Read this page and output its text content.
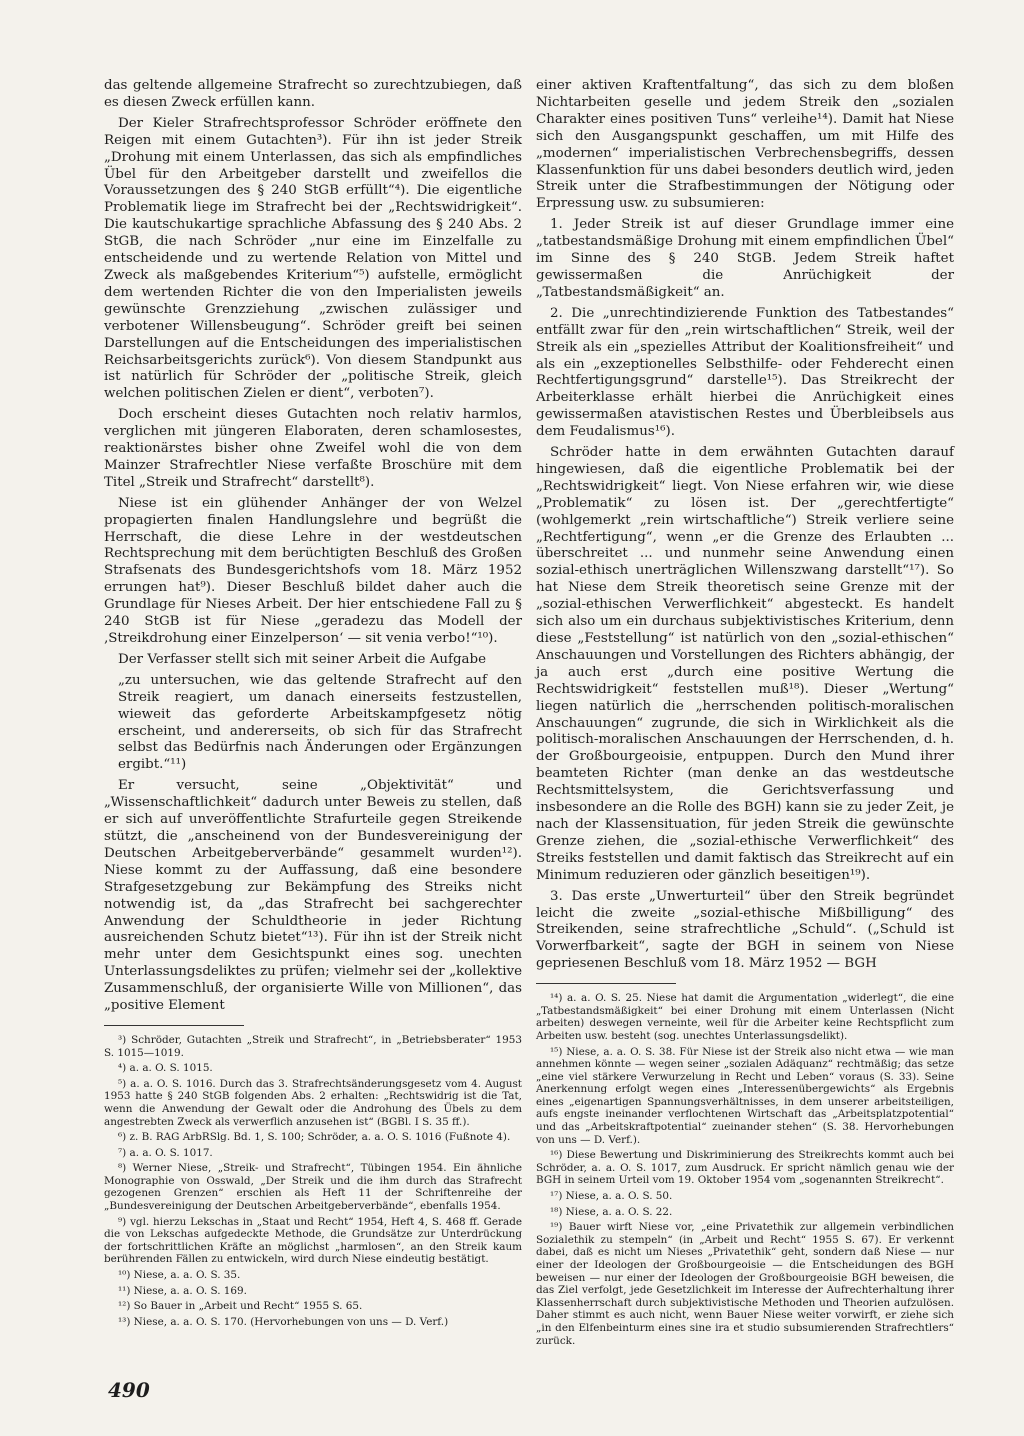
das geltende allgemeine Strafrecht so zurechtzubiegen, daß es diesen Zweck erfüllen kann.

Der Kieler Strafrechtsprofessor Schröder eröffnete den Reigen mit einem Gutachten³). Für ihn ist jeder Streik „Drohung mit einem Unterlassen, das sich als empfindliches Übel für den Arbeitgeber darstellt und zweifellos die Voraussetzungen des § 240 StGB erfüllt“⁴). Die eigentliche Problematik liege im Strafrecht bei der „Rechtswidrigkeit“. Die kautschukartige sprachliche Abfassung des § 240 Abs. 2 StGB, die nach Schröder „nur eine im Einzelfalle zu entscheidende und zu wertende Relation von Mittel und Zweck als maßgebendes Kriterium“⁵) aufstelle, ermöglicht dem wertenden Richter die von den Imperialisten jeweils gewünschte Grenzziehung „zwischen zulässiger und verbotener Willensbeugung“. Schröder greift bei seinen Darstellungen auf die Entscheidungen des imperialistischen Reichsarbeitsgerichts zurück⁶). Von diesem Standpunkt aus ist natürlich für Schröder der „politische Streik, gleich welchen politischen Zielen er dient“, verboten⁷).

Doch erscheint dieses Gutachten noch relativ harmlos, verglichen mit jüngeren Elaboraten, deren schamlosestes, reaktionärstes bisher ohne Zweifel wohl die von dem Mainzer Strafrechtler Niese verfaßte Broschüre mit dem Titel „Streik und Strafrecht“ darstellt⁸).

Niese ist ein glühender Anhänger der von Welzel propagierten finalen Handlungslehre und begrüßt die Herrschaft, die diese Lehre in der westdeutschen Rechtsprechung mit dem berüchtigten Beschluß des Großen Strafsenats des Bundesgerichtshofs vom 18. März 1952 errungen hat⁹). Dieser Beschluß bildet daher auch die Grundlage für Nieses Arbeit. Der hier entschiedene Fall zu § 240 StGB ist für Niese „geradezu das Modell der ‚Streikdrohung einer Einzelperson‘ — sit venia verbo!“¹⁰).

Der Verfasser stellt sich mit seiner Arbeit die Aufgabe

„zu untersuchen, wie das geltende Strafrecht auf den Streik reagiert, um danach einerseits festzustellen, wieweit das geforderte Arbeitskampfgesetz nötig erscheint, und andererseits, ob sich für das Strafrecht selbst das Bedürfnis nach Änderungen oder Ergänzungen ergibt.“¹¹)

Er versucht, seine „Objektivität“ und „Wissenschaftlichkeit“ dadurch unter Beweis zu stellen, daß er sich auf unveröffentlichte Strafurteile gegen Streikende stützt, die „anscheinend von der Bundesvereinigung der Deutschen Arbeitgeberverbände“ gesammelt wurden¹²). Niese kommt zu der Auffassung, daß eine besondere Strafgesetzgebung zur Bekämpfung des Streiks nicht notwendig ist, da „das Strafrecht bei sachgerechter Anwendung der Schuldtheorie in jeder Richtung ausreichenden Schutz bietet“¹³). Für ihn ist der Streik nicht mehr unter dem Gesichtspunkt eines sog. unechten Unterlassungsdeliktes zu prüfen; vielmehr sei der „kollektive Zusammenschluß, der organisierte Wille von Millionen“, das „positive Element

³) Schröder, Gutachten „Streik und Strafrecht“, in „Betriebsberater“ 1953 S. 1015—1019.

⁴) a. a. O. S. 1015.

⁵) a. a. O. S. 1016. Durch das 3. Strafrechtsänderungsgesetz vom 4. August 1953 hatte § 240 StGB folgenden Abs. 2 erhalten: „Rechtswidrig ist die Tat, wenn die Anwendung der Gewalt oder die Androhung des Übels zu dem angestrebten Zweck als verwerflich anzusehen ist“ (BGBl. I S. 35 ff.).

⁶) z. B. RAG ArbRSlg. Bd. 1, S. 100; Schröder, a. a. O. S. 1016 (Fußnote 4).

⁷) a. a. O. S. 1017.

⁸) Werner Niese, „Streik- und Strafrecht“, Tübingen 1954. Ein ähnliche Monographie von Osswald, „Der Streik und die ihm durch das Strafrecht gezogenen Grenzen“ erschien als Heft 11 der Schriftenreihe der „Bundesvereinigung der Deutschen Arbeitgeberverbände“, ebenfalls 1954.

⁹) vgl. hierzu Lekschas in „Staat und Recht“ 1954, Heft 4, S. 468 ff. Gerade die von Lekschas aufgedeckte Methode, die Grundsätze zur Unterdrückung der fortschrittlichen Kräfte an möglichst „harmlosen“, an den Streik kaum berührenden Fällen zu entwickeln, wird durch Niese eindeutig bestätigt.

¹⁰) Niese, a. a. O. S. 35.

¹¹) Niese, a. a. O. S. 169.

¹²) So Bauer in „Arbeit und Recht“ 1955 S. 65.

¹³) Niese, a. a. O. S. 170. (Hervorhebungen von uns — D. Verf.)

einer aktiven Kraftentfaltung“, das sich zu dem bloßen Nichtarbeiten geselle und jedem Streik den „sozialen Charakter eines positiven Tuns“ verleihe¹⁴). Damit hat Niese sich den Ausgangspunkt geschaffen, um mit Hilfe des „modernen“ imperialistischen Verbrechensbegriffs, dessen Klassenfunktion für uns dabei besonders deutlich wird, jeden Streik unter die Strafbestimmungen der Nötigung oder Erpressung usw. zu subsumieren:

1. Jeder Streik ist auf dieser Grundlage immer eine „tatbestandsmäßige Drohung mit einem empfindlichen Übel“ im Sinne des § 240 StGB. Jedem Streik haftet gewissermaßen die Anrüchigkeit der „Tatbestandsmäßigkeit“ an.

2. Die „unrechtindizierende Funktion des Tatbestandes“ entfällt zwar für den „rein wirtschaftlichen“ Streik, weil der Streik als ein „spezielles Attribut der Koalitionsfreiheit“ und als ein „exzeptionelles Selbsthilfe- oder Fehderecht einen Rechtfertigungsgrund“ darstelle¹⁵). Das Streikrecht der Arbeiterklasse erhält hierbei die Anrüchigkeit eines gewissermaßen atavistischen Restes und Überbleibsels aus dem Feudalismus¹⁶).

Schröder hatte in dem erwähnten Gutachten darauf hingewiesen, daß die eigentliche Problematik bei der „Rechtswidrigkeit“ liegt. Von Niese erfahren wir, wie diese „Problematik“ zu lösen ist. Der „gerechtfertigte“ (wohlgemerkt „rein wirtschaftliche“) Streik verliere seine „Rechtfertigung“, wenn „er die Grenze des Erlaubten ... überschreitet ... und nunmehr seine Anwendung einen sozial-ethisch unerträglichen Willenszwang darstellt“¹⁷). So hat Niese dem Streik theoretisch seine Grenze mit der „sozial-ethischen Verwerflichkeit“ abgesteckt. Es handelt sich also um ein durchaus subjektivistisches Kriterium, denn diese „Feststellung“ ist natürlich von den „sozial-ethischen“ Anschauungen und Vorstellungen des Richters abhängig, der ja auch erst „durch eine positive Wertung die Rechtswidrigkeit“ feststellen muß¹⁸). Dieser „Wertung“ liegen natürlich die „herrschenden politisch-moralischen Anschauungen“ zugrunde, die sich in Wirklichkeit als die politisch-moralischen Anschauungen der Herrschenden, d. h. der Großbourgeoisie, entpuppen. Durch den Mund ihrer beamteten Richter (man denke an das westdeutsche Rechtsmittelsystem, die Gerichtsverfassung und insbesondere an die Rolle des BGH) kann sie zu jeder Zeit, je nach der Klassensituation, für jeden Streik die gewünschte Grenze ziehen, die „sozial-ethische Verwerflichkeit“ des Streiks feststellen und damit faktisch das Streikrecht auf ein Minimum reduzieren oder gänzlich beseitigen¹⁹).

3. Das erste „Unwerturteil“ über den Streik begründet leicht die zweite „sozial-ethische Mißbilligung“ des Streikenden, seine strafrechtliche „Schuld“. („Schuld ist Vorwerfbarkeit“, sagte der BGH in seinem von Niese gepriesenen Beschluß vom 18. März 1952 — BGH

¹⁴) a. a. O. S. 25. Niese hat damit die Argumentation „widerlegt“, die eine „Tatbestandsmäßigkeit“ bei einer Drohung mit einem Unterlassen (Nicht arbeiten) deswegen verneinte, weil für die Arbeiter keine Rechtspflicht zum Arbeiten usw. besteht (sog. unechtes Unterlassungsdelikt).

¹⁵) Niese, a. a. O. S. 38. Für Niese ist der Streik also nicht etwa — wie man annehmen könnte — wegen seiner „sozialen Adäquanz“ rechtmäßig; das setze „eine viel stärkere Verwurzelung in Recht und Leben“ voraus (S. 33). Seine Anerkennung erfolgt wegen eines „Interessenübergewichts“ als Ergebnis eines „eigenartigen Spannungsverhältnisses, in dem unserer arbeitsteiligen, aufs engste ineinander verflochtenen Wirtschaft das „Arbeitsplatzpotential“ und das „Arbeitskraftpotential“ zueinander stehen“ (S. 38. Hervorhebungen von uns — D. Verf.).

¹⁶) Diese Bewertung und Diskriminierung des Streikrechts kommt auch bei Schröder, a. a. O. S. 1017, zum Ausdruck. Er spricht nämlich genau wie der BGH in seinem Urteil vom 19. Oktober 1954 vom „sogenannten Streikrecht“.

¹⁷) Niese, a. a. O. S. 50.

¹⁸) Niese, a. a. O. S. 22.

¹⁹) Bauer wirft Niese vor, „eine Privatethik zur allgemein verbindlichen Sozialethik zu stempeln“ (in „Arbeit und Recht“ 1955 S. 67). Er verkennt dabei, daß es nicht um Nieses „Privatethik“ geht, sondern daß Niese — nur einer der Ideologen der Großbourgeoisie — die Entscheidungen des BGH beweisen — nur einer der Ideologen der Großbourgeoisie BGH beweisen, die das Ziel verfolgt, jede Gesetzlichkeit im Interesse der Aufrechterhaltung ihrer Klassenherrschaft durch subjektivistische Methoden und Theorien aufzulösen. Daher stimmt es auch nicht, wenn Bauer Niese weiter vorwirft, er ziehe sich „in den Elfenbeinturm eines sine ira et studio subsumierenden Strafrechtlers“ zurück.

490
